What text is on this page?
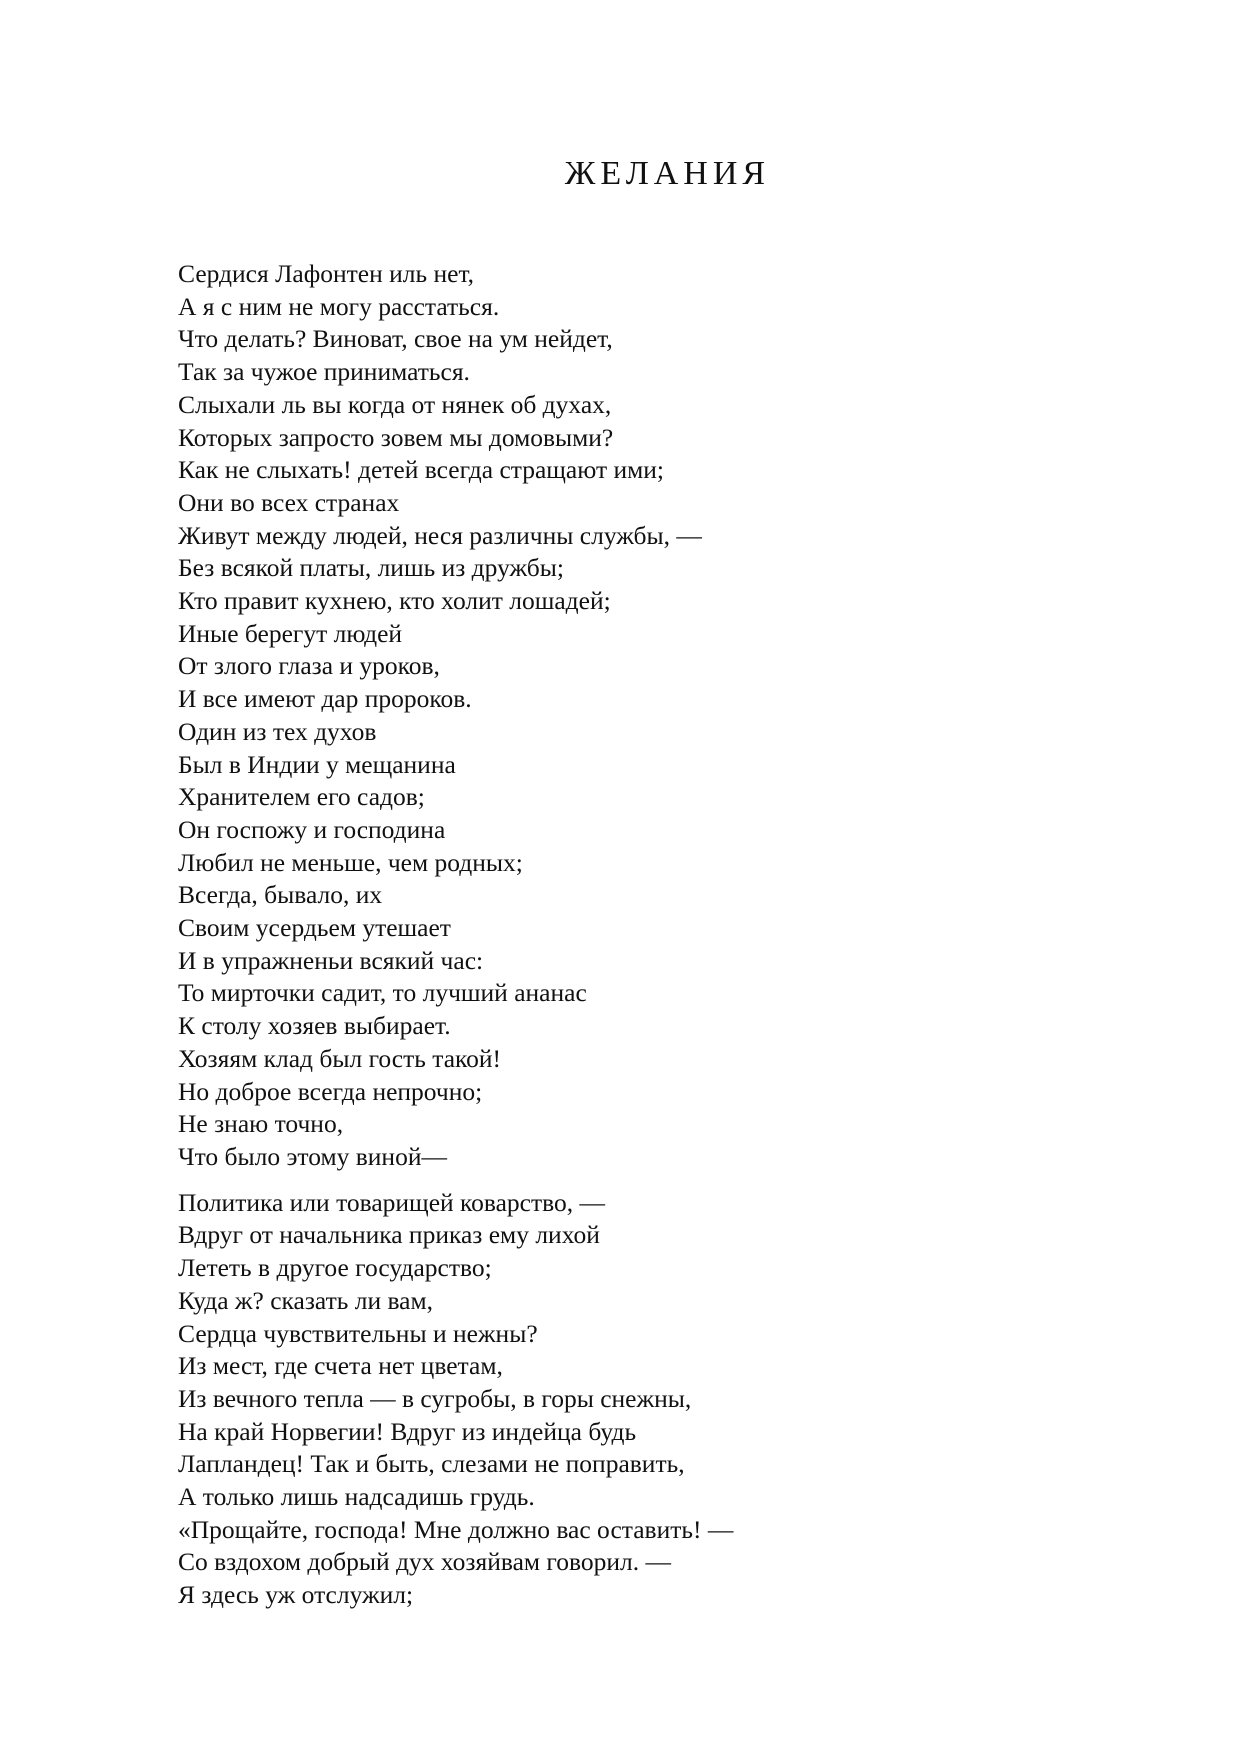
ЖЕЛАНИЯ
Сердися Лафонтен иль нет,
А я с ним не могу расстаться.
Что делать? Виноват, свое на ум нейдет,
Так за чужое приниматься.
Слыхали ль вы когда от нянек об духах,
Которых запросто зовем мы домовыми?
Как не слыхать! детей всегда стращают ими;
Они во всех странах
Живут между людей, неся различны службы, —
Без всякой платы, лишь из дружбы;
Кто правит кухнею, кто холит лошадей;
Иные берегут людей
От злого глаза и уроков,
И все имеют дар пророков.
Один из тех духов
Был в Индии у мещанина
Хранителем его садов;
Он госпожу и господина
Любил не меньше, чем родных;
Всегда, бывало, их
Своим усердьем утешает
И в упражненьи всякий час:
То мирточки садит, то лучший ананас
К столу хозяев выбирает.
Хозяям клад был гость такой!
Но доброе всегда непрочно;
Не знаю точно,
Что было этому виной—
Политика или товарищей коварство, —
Вдруг от начальника приказ ему лихой
Лететь в другое государство;
Куда ж? сказать ли вам,
Сердца чувствительны и нежны?
Из мест, где счета нет цветам,
Из вечного тепла — в сугробы, в горы снежны,
На край Норвегии! Вдруг из индейца будь
Лапландец! Так и быть, слезами не поправить,
А только лишь надсадишь грудь.
«Прощайте, господа! Мне должно вас оставить! —
Со вздохом добрый дух хозяйвам говорил. —
Я здесь уж отслужил;
